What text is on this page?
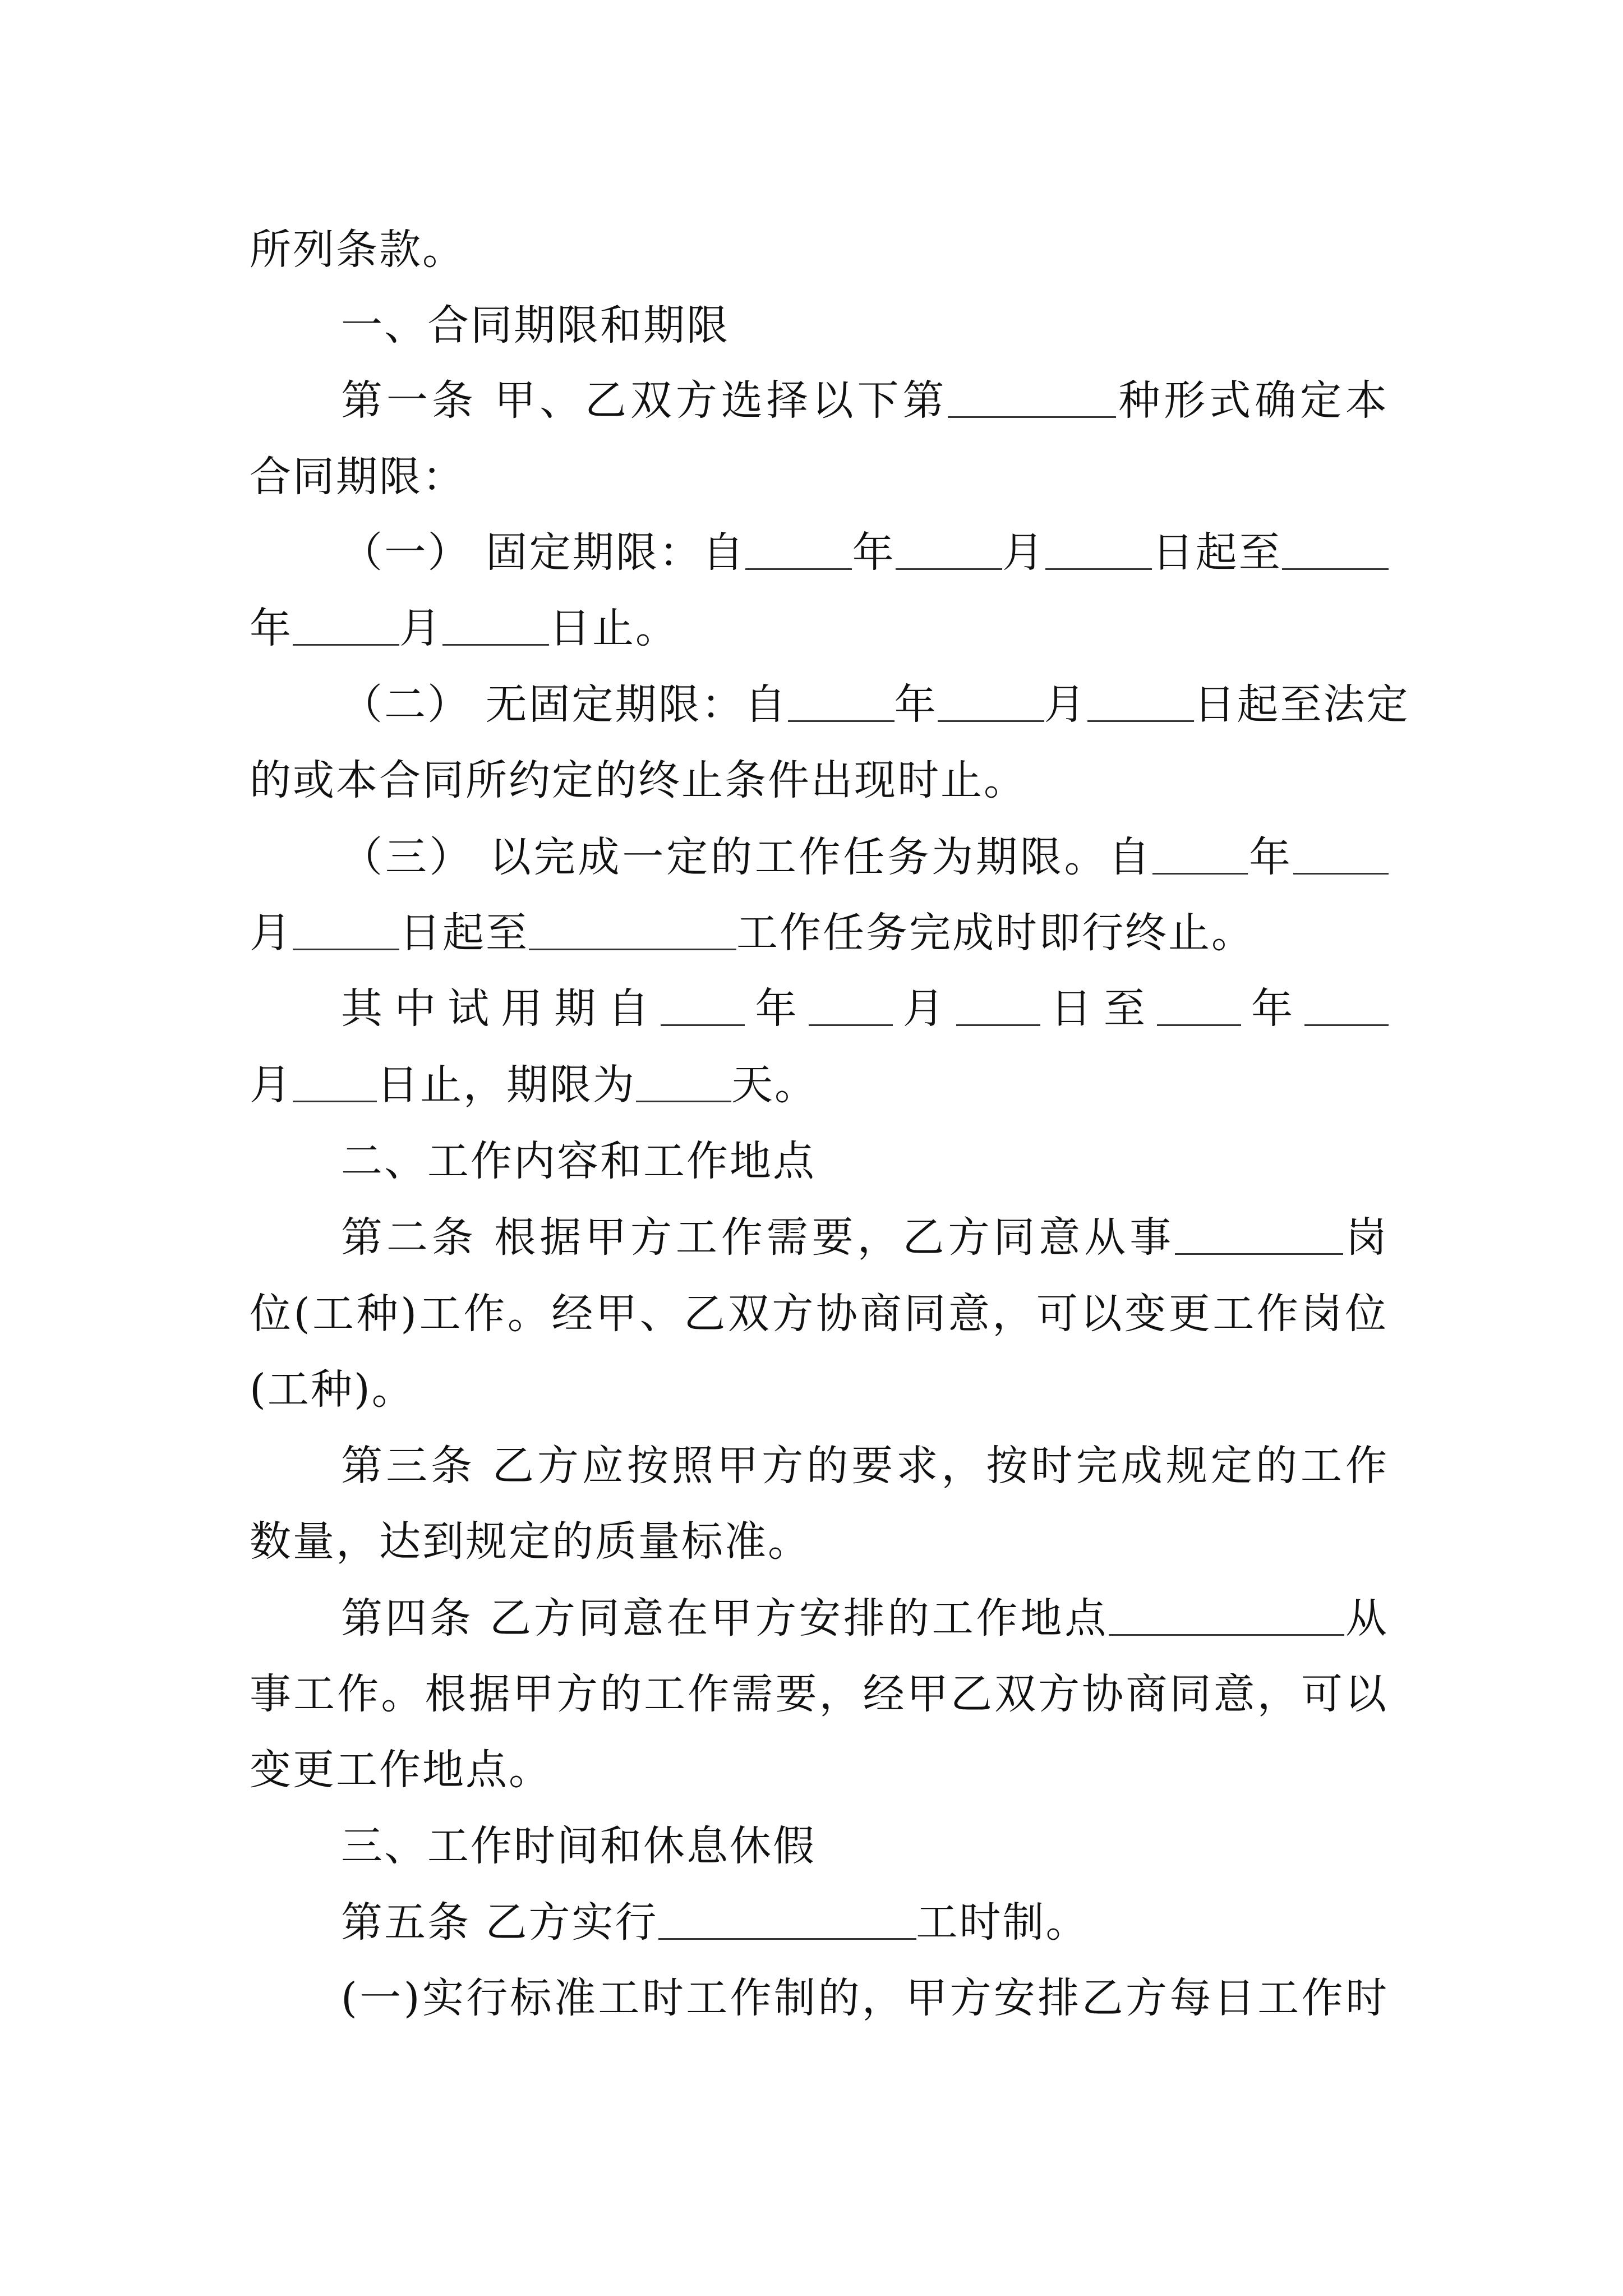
所列条款。
一、合同期限和期限
第一条 甲、乙双方选择以下第	种形式确定本
合同期限：
（一） 固定期限：自	年	月	日起至
年	月	日止。
（二） 无固定期限：自	年	月	日起至法定
的或本合同所约定的终止条件出现时止。
（三） 以完成一定的工作任务为期限。自 年
月	日起至	工作任务完成时即行终止。
其中试用期自 年 月 日至 年
月 日止，期限为 天。
二、工作内容和工作地点
第二条 根据甲方工作需要，乙方同意从事	岗
位(工种)工作。经甲、乙双方协商同意，可以变更工作岗位
(工种)。
第三条 乙方应按照甲方的要求，按时完成规定的工作
数量，达到规定的质量标准。
第四条 乙方同意在甲方安排的工作地点	从
事工作。根据甲方的工作需要，经甲乙双方协商同意，可以
变更工作地点。
三、工作时间和休息休假
第五条 乙方实行	工时制。
(一)实行标准工时工作制的，甲方安排乙方每日工作时
